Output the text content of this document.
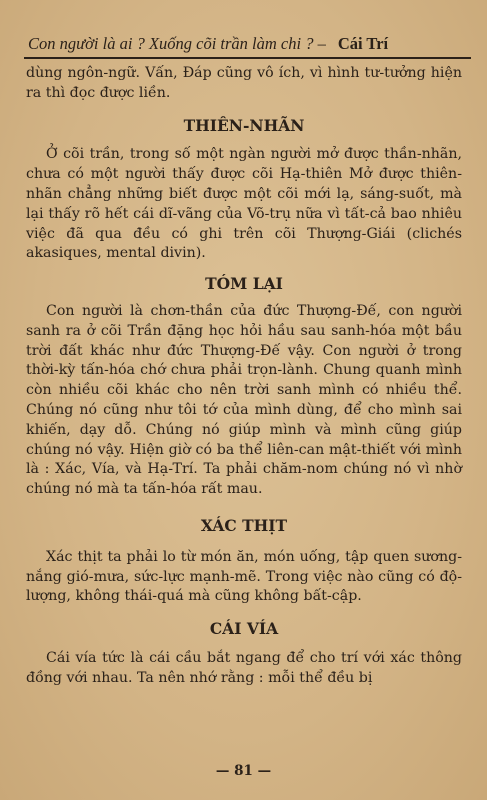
Con người là ai ? Xuống cõi trần làm chi ? – Cái Trí

dùng ngôn-ngữ. Vấn, Đáp cũng vô ích, vì hình tư-tưởng hiện ra thì đọc được liền.

THIÊN-NHÃN

Ở cõi trần, trong số một ngàn người mở được thần-nhãn, chưa có một người thấy được cõi Hạ-thiên Mở được thiên-nhãn chẳng những biết được một cõi mới lạ, sáng-suốt, mà lại thấy rõ hết cái dĩ-vãng của Võ-trụ nữa vì tất-cả bao nhiêu việc đã qua đều có ghi trên cõi Thượng-Giái (clichés akasiques, mental divin).

TÓM LẠI

Con người là chơn-thần của đức Thượng-Đế, con người sanh ra ở cõi Trần đặng học hỏi hầu sau sanh-hóa một bầu trời đất khác như đức Thượng-Đế vậy. Con người ở trong thời-kỳ tấn-hóa chớ chưa phải trọn-lành. Chung quanh mình còn nhiều cõi khác cho nên trời sanh mình có nhiều thể. Chúng nó cũng như tôi tớ của mình dùng, để cho mình sai khiến, dạy dỗ. Chúng nó giúp mình và mình cũng giúp chúng nó vậy. Hiện giờ có ba thể liên-can mật-thiết với mình là : Xác, Vía, và Hạ-Trí. Ta phải chăm-nom chúng nó vì nhờ chúng nó mà ta tấn-hóa rất mau.

XÁC THỊT

Xác thịt ta phải lo từ món ăn, món uống, tập quen sương-nắng gió-mưa, sức-lực mạnh-mẽ. Trong việc nào cũng có độ-lượng, không thái-quá mà cũng không bất-cập.

CÁI VÍA

Cái vía tức là cái cầu bắt ngang để cho trí với xác thông đồng với nhau. Ta nên nhớ rằng : mỗi thể đều bị

— 81 —
